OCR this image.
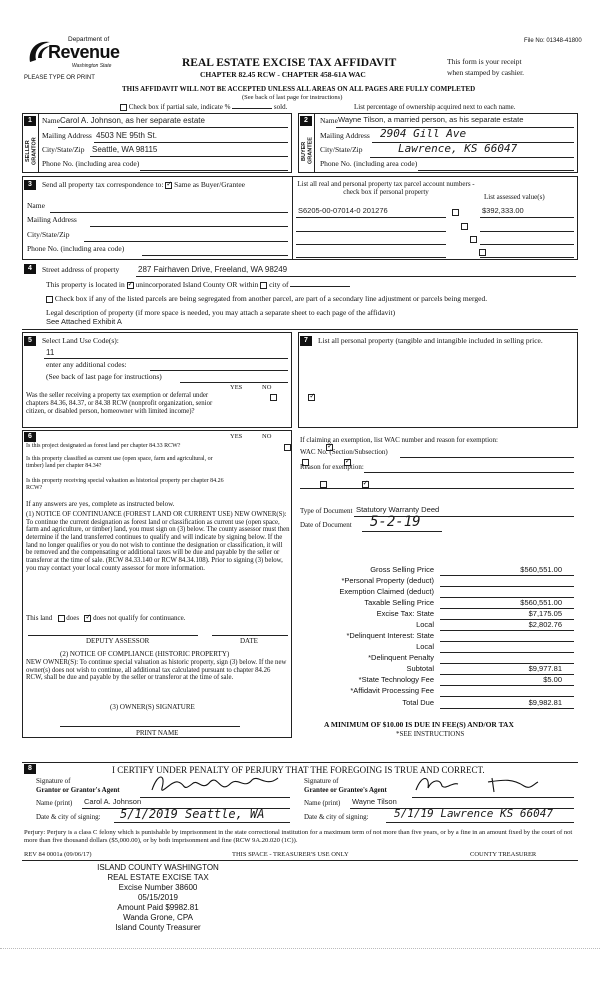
File No: 01348-41800
Department of
Revenue
Washington State
PLEASE TYPE OR PRINT
REAL ESTATE EXCISE TAX AFFIDAVIT
CHAPTER 82.45 RCW - CHAPTER 458-61A WAC
This form is your receipt
when stamped by cashier.
THIS AFFIDAVIT WILL NOT BE ACCEPTED UNLESS ALL AREAS ON ALL PAGES ARE FULLY COMPLETED
(See back of last page for instructions)
Check box if partial sale, indicate %	sold.	List percentage of ownership acquired next to each name.
1
SELLER GRANTOR
Name Carol A. Johnson, as her separate estate
Mailing Address 4503 NE 95th St.
City/State/Zip Seattle, WA 98115
Phone No. (including area code)
2
BUYER GRANTEE
Name Wayne Tilson, a married person, as his separate estate
Mailing Address 2904 Gill Ave
City/State/Zip	Lawrence, KS 66047
Phone No. (including area code)
3	Send all property tax correspondence to: ✓ Same as Buyer/Grantee
Name
Mailing Address
City/State/Zip
Phone No. (including area code)
List all real and personal property tax parcel account numbers - check box if personal property
List assessed value(s)
S6205-00-07014-0 201276	$392,333.00

4	Street address of property 287 Fairhaven Drive, Freeland, WA 98249
This property is located in ✓ unincorporated Island County OR within city of
Check box if any of the listed parcels are being segregated from another parcel, are part of a secondary line adjustment or parcels being merged.
Legal description of property (if more space is needed, you may attach a separate sheet to each page of the affidavit)
See Attached Exhibit A
5	Select Land Use Code(s):
11
enter any additional codes:
(See back of last page for instructions)
YES	NO
Was the seller receiving a property tax exemption or deferral under chapters 84.36, 84.37, or 84.38 RCW (nonprofit organization, senior citizen, or disabled person, homeowner with limited income)?
✓
7	List all personal property (tangible and intangible included in selling price.
6	YES	NO
Is this project designated as forest land per chapter 84.33 RCW?
✓
Is this property classified as current use (open space, farm and agricultural, or timber) land per chapter 84.34?
✓
Is this property receiving special valuation as historical property per chapter 84.26 RCW?
✓
If any answers are yes, complete as instructed below.
(1) NOTICE OF CONTINUANCE (FOREST LAND OR CURRENT USE) NEW OWNER(S): To continue the current designation as forest land or classification as current use (open space, farm and agriculture, or timber) land, you must sign on (3) below. The county assessor must then determine if the land transferred continues to qualify and will indicate by signing below. If the land no longer qualifies or you do not wish to continue the designation or classification, it will be removed and the compensating or additional taxes will be due and payable by the seller or transferor at the time of sale. (RCW 84.33.140 or RCW 84.34.108). Prior to signing (3) below, you may contact your local county assessor for more information.
This land does ✓ does not qualify for continuance.
DEPUTY ASSESSOR	DATE
(2) NOTICE OF COMPLIANCE (HISTORIC PROPERTY)
NEW OWNER(S): To continue special valuation as historic property, sign (3) below. If the new owner(s) does not wish to continue, all additional tax calculated pursuant to chapter 84.26 RCW, shall be due and payable by the seller or transferor at the time of sale.
(3) OWNER(S) SIGNATURE
PRINT NAME
If claiming an exemption, list WAC number and reason for exemption:
WAC No. (Section/Subsection)
Reason for exemption:
Type of Document Statutory Warranty Deed
Date of Document 5-2-19
Gross Selling Price	$560,551.00
*Personal Property (deduct)
Exemption Claimed (deduct)
Taxable Selling Price	$560,551.00
Excise Tax: State	$7,175.05
Local	$2,802.76
*Delinquent Interest: State
Local
*Delinquent Penalty
Subtotal	$9,977.81
*State Technology Fee	$5.00
*Affidavit Processing Fee
Total Due	$9,982.81
A MINIMUM OF $10.00 IS DUE IN FEE(S) AND/OR TAX
*SEE INSTRUCTIONS
8	I CERTIFY UNDER PENALTY OF PERJURY THAT THE FOREGOING IS TRUE AND CORRECT.
Signature of
Grantor or Grantor's Agent
Name (print) Carol A. Johnson
Date & city of signing: 5/1/2019 Seattle, WA
Signature of
Grantee or Grantee's Agent
Name (print) Wayne Tilson
Date & city of signing: 5/1/19 Lawrence KS 66047
Perjury: Perjury is a class C felony which is punishable by imprisonment in the state correctional institution for a maximum term of not more than five years, or by a fine in an amount fixed by the court of not more than five thousand dollars ($5,000.00), or by both imprisonment and fine (RCW 9A.20.020 (1C)).
REV 84 0001a (09/06/17)	THIS SPACE - TREASURER'S USE ONLY	COUNTY TREASURER
ISLAND COUNTY WASHINGTON
REAL ESTATE EXCISE TAX
Excise Number 38600
05/15/2019
Amount Paid $9982.81
Wanda Grone, CPA
Island County Treasurer
